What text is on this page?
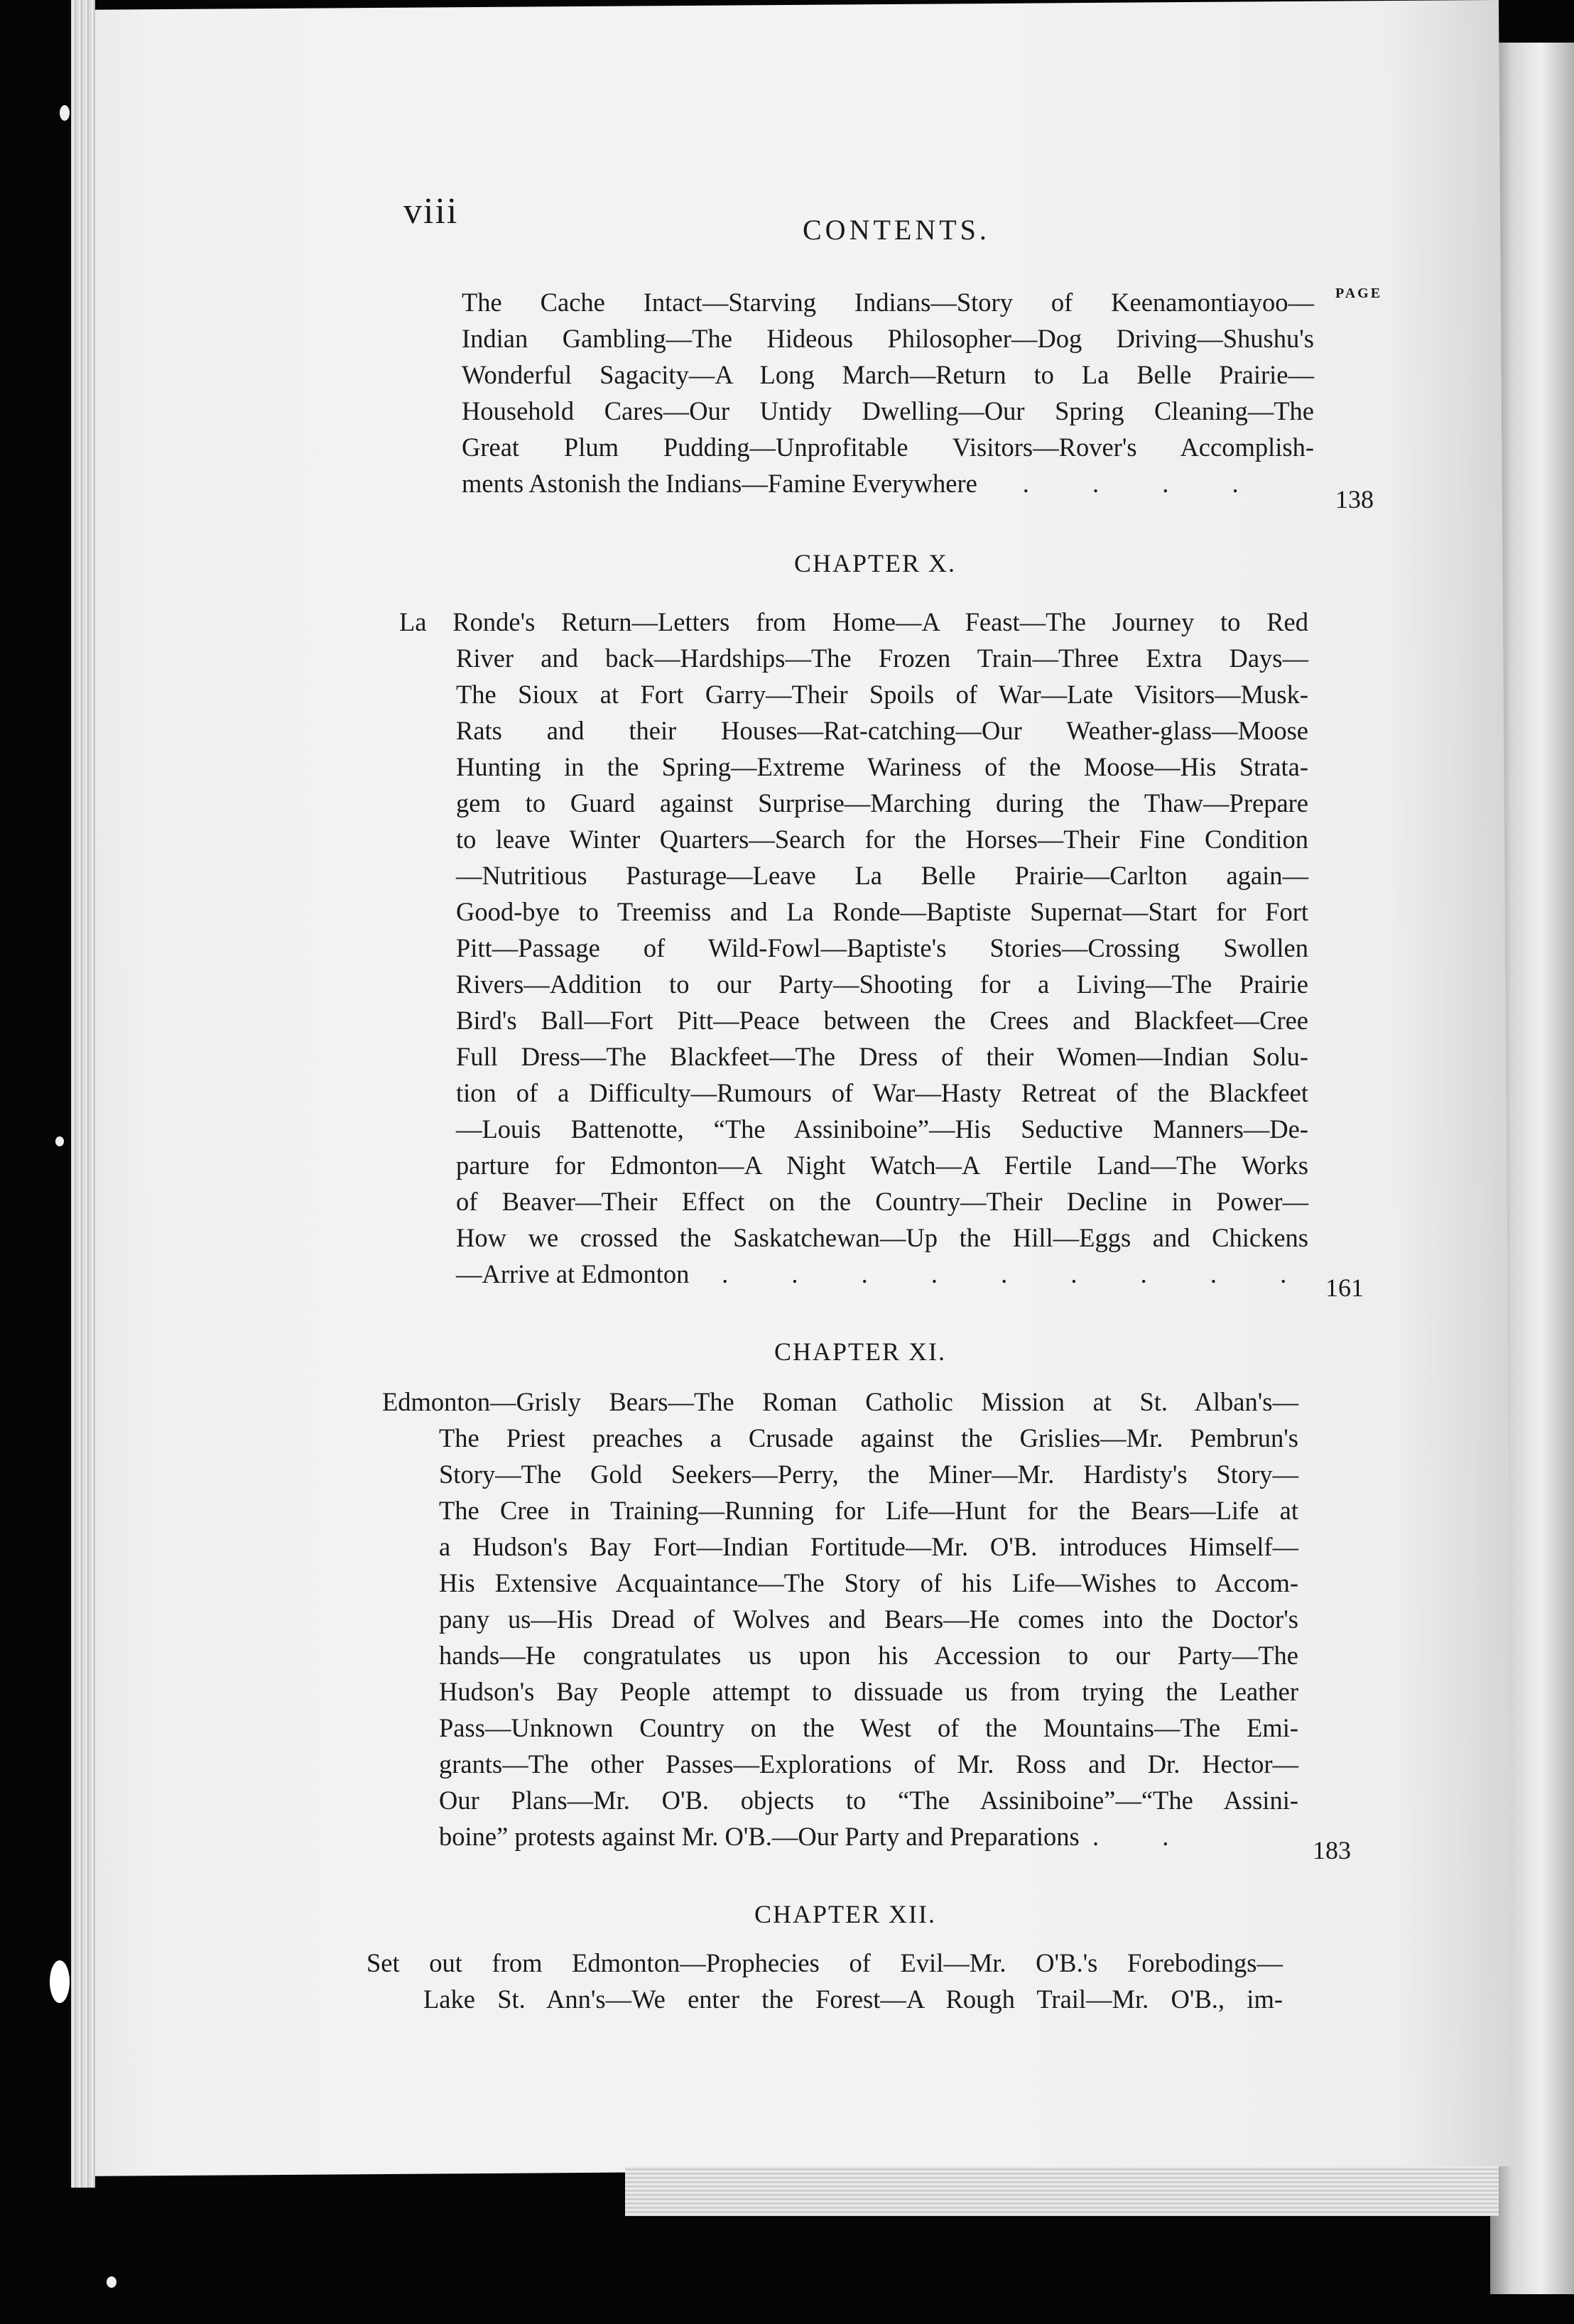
viii	CONTENTS.
PAGE
The Cache Intact—Starving Indians—Story of Keenamontiayoo—
Indian Gambling—The Hideous Philosopher—Dog Driving—Shushu's
Wonderful Sagacity—A Long March—Return to La Belle Prairie—
Household Cares—Our Untidy Dwelling—Our Spring Cleaning—The
Great Plum Pudding—Unprofitable Visitors—Rover's Accomplish-
ments Astonish the Indians—Famine Everywhere . . . .
138
CHAPTER X.
La Ronde's Return—Letters from Home—A Feast—The Journey to Red
River and back—Hardships—The Frozen Train—Three Extra Days—
The Sioux at Fort Garry—Their Spoils of War—Late Visitors—Musk-
Rats and their Houses—Rat-catching—Our Weather-glass—Moose
Hunting in the Spring—Extreme Wariness of the Moose—His Strata-
gem to Guard against Surprise—Marching during the Thaw—Prepare
to leave Winter Quarters—Search for the Horses—Their Fine Condition
—Nutritious Pasturage—Leave La Belle Prairie—Carlton again—
Good-bye to Treemiss and La Ronde—Baptiste Supernat—Start for Fort
Pitt—Passage of Wild-Fowl—Baptiste's Stories—Crossing Swollen
Rivers—Addition to our Party—Shooting for a Living—The Prairie
Bird's Ball—Fort Pitt—Peace between the Crees and Blackfeet—Cree
Full Dress—The Blackfeet—The Dress of their Women—Indian Solu-
tion of a Difficulty—Rumours of War—Hasty Retreat of the Blackfeet
—Louis Battenotte, “The Assiniboine”—His Seductive Manners—De-
parture for Edmonton—A Night Watch—A Fertile Land—The Works
of Beaver—Their Effect on the Country—Their Decline in Power—
How we crossed the Saskatchewan—Up the Hill—Eggs and Chickens
—Arrive at Edmonton . . . . . . . . . 161
CHAPTER XI.
Edmonton—Grisly Bears—The Roman Catholic Mission at St. Alban's—
The Priest preaches a Crusade against the Grislies—Mr. Pembrun's
Story—The Gold Seekers—Perry, the Miner—Mr. Hardisty's Story—
The Cree in Training—Running for Life—Hunt for the Bears—Life at
a Hudson's Bay Fort—Indian Fortitude—Mr. O'B. introduces Himself—
His Extensive Acquaintance—The Story of his Life—Wishes to Accom-
pany us—His Dread of Wolves and Bears—He comes into the Doctor's
hands—He congratulates us upon his Accession to our Party—The
Hudson's Bay People attempt to dissuade us from trying the Leather
Pass—Unknown Country on the West of the Mountains—The Emi-
grants—The other Passes—Explorations of Mr. Ross and Dr. Hector—
Our Plans—Mr. O'B. objects to “The Assiniboine”—“The Assini-
boine” protests against Mr. O'B.—Our Party and Preparations . .	183
CHAPTER XII.
Set out from Edmonton—Prophecies of Evil—Mr. O'B.'s Forebodings—
Lake St. Ann's—We enter the Forest—A Rough Trail—Mr. O'B., im-
